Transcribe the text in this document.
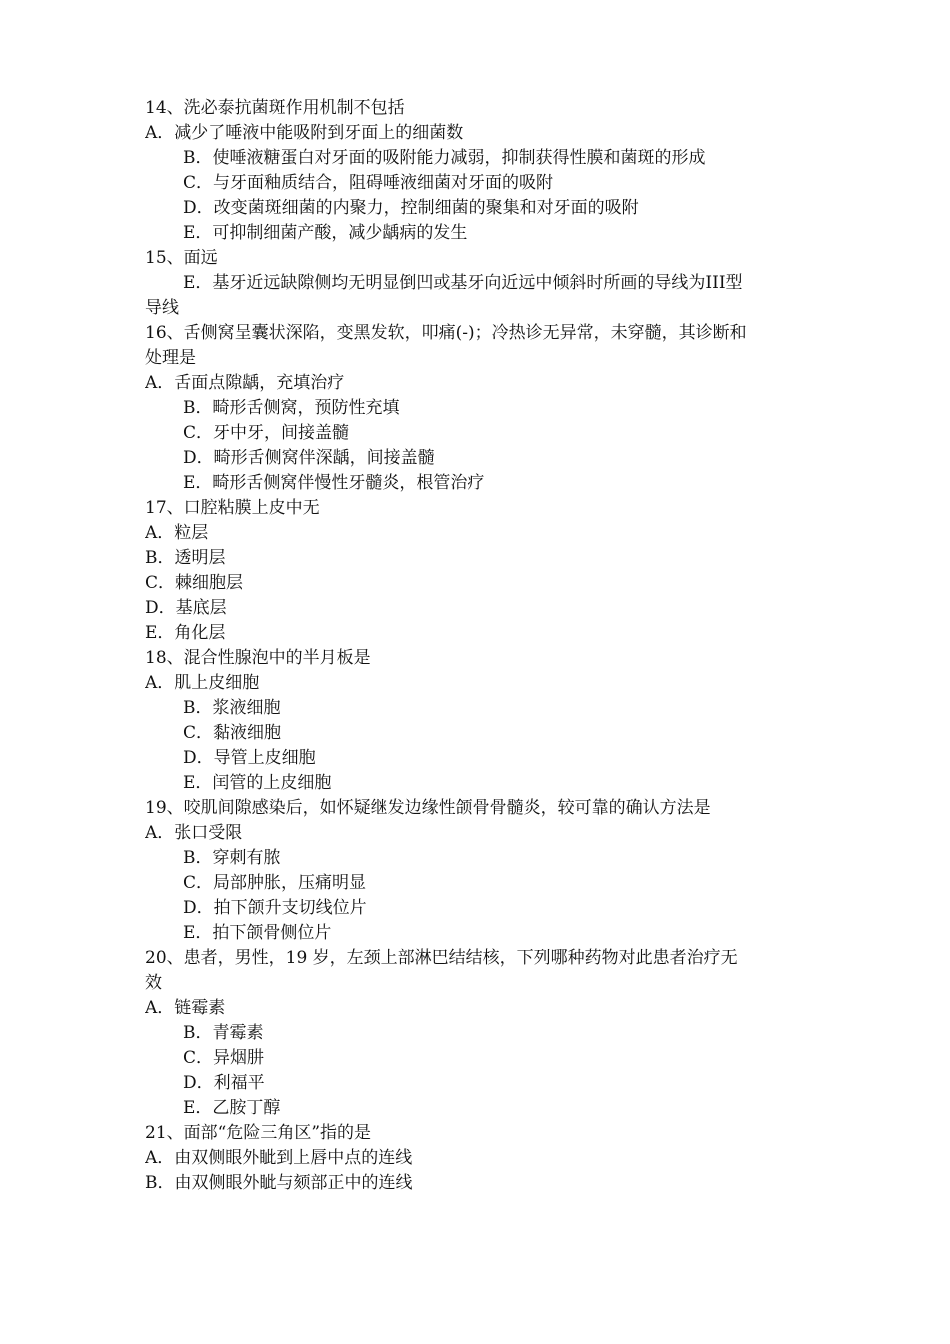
14、洗必泰抗菌斑作用机制不包括
A．减少了唾液中能吸附到牙面上的细菌数
B．使唾液糖蛋白对牙面的吸附能力减弱，抑制获得性膜和菌斑的形成
C．与牙面釉质结合，阻碍唾液细菌对牙面的吸附
D．改变菌斑细菌的内聚力，控制细菌的聚集和对牙面的吸附
E．可抑制细菌产酸，减少龋病的发生
15、面远
E．基牙近远缺隙侧均无明显倒凹或基牙向近远中倾斜时所画的导线为III型
导线
16、舌侧窝呈囊状深陷，变黑发软，叩痛(-)；冷热诊无异常，未穿髓，其诊断和
处理是
A．舌面点隙龋，充填治疗
B．畸形舌侧窝，预防性充填
C．牙中牙，间接盖髓
D．畸形舌侧窝伴深龋，间接盖髓
E．畸形舌侧窝伴慢性牙髓炎，根管治疗
17、口腔粘膜上皮中无
A．粒层
B．透明层
C．棘细胞层
D．基底层
E．角化层
18、混合性腺泡中的半月板是
A．肌上皮细胞
B．浆液细胞
C．黏液细胞
D．导管上皮细胞
E．闰管的上皮细胞
19、咬肌间隙感染后，如怀疑继发边缘性颌骨骨髓炎，较可靠的确认方法是
A．张口受限
B．穿刺有脓
C．局部肿胀，压痛明显
D．拍下颌升支切线位片
E．拍下颌骨侧位片
20、患者，男性，19 岁，左颈上部淋巴结结核，下列哪种药物对此患者治疗无
效
A．链霉素
B．青霉素
C．异烟肼
D．利福平
E．乙胺丁醇
21、面部“危险三角区”指的是
A．由双侧眼外眦到上唇中点的连线
B．由双侧眼外眦与颏部正中的连线
